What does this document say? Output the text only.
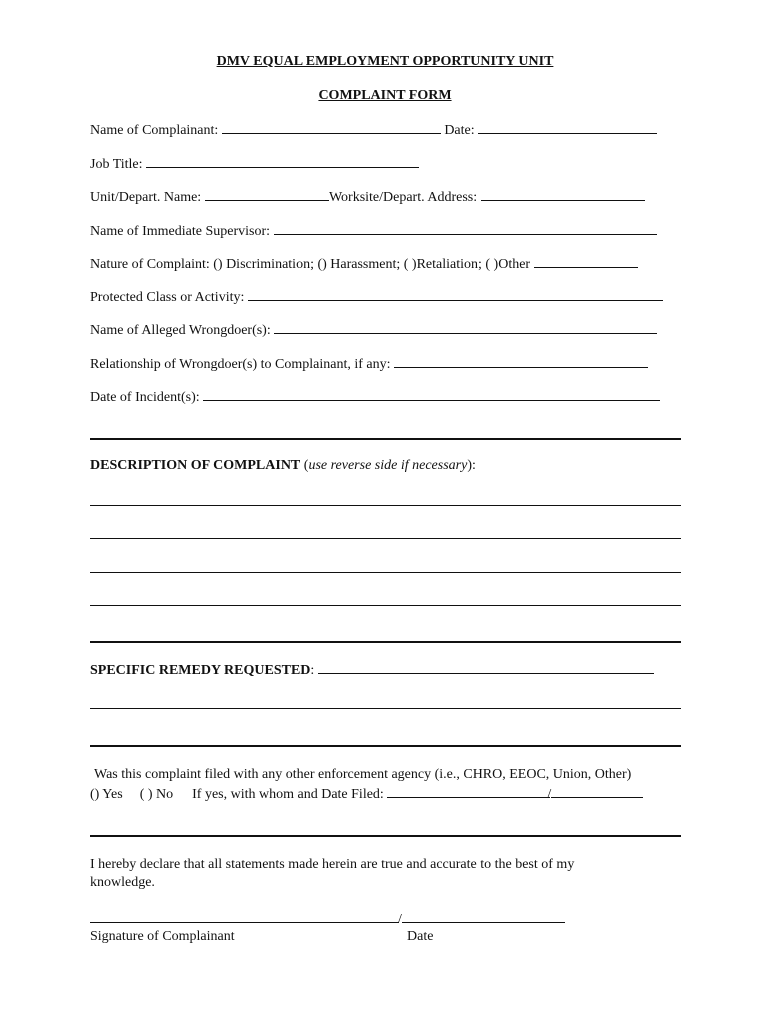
DMV EQUAL EMPLOYMENT OPPORTUNITY UNIT
COMPLAINT FORM
Name of Complainant:	Date:
Job Title:
Unit/Depart. Name:	Worksite/Depart. Address:
Name of Immediate Supervisor:
Nature of Complaint: () Discrimination; () Harassment; ( )Retaliation; ( )Other
Protected Class or Activity:
Name of Alleged Wrongdoer(s):
Relationship of Wrongdoer(s) to Complainant, if any:
Date of Incident(s):
DESCRIPTION OF COMPLAINT (use reverse side if necessary):
SPECIFIC REMEDY REQUESTED:
Was this complaint filed with any other enforcement agency (i.e., CHRO, EEOC, Union, Other)
() Yes ( ) No If yes, with whom and Date Filed:	/
I hereby declare that all statements made herein are true and accurate to the best of my
knowledge.
/
Signature of Complainant	Date
